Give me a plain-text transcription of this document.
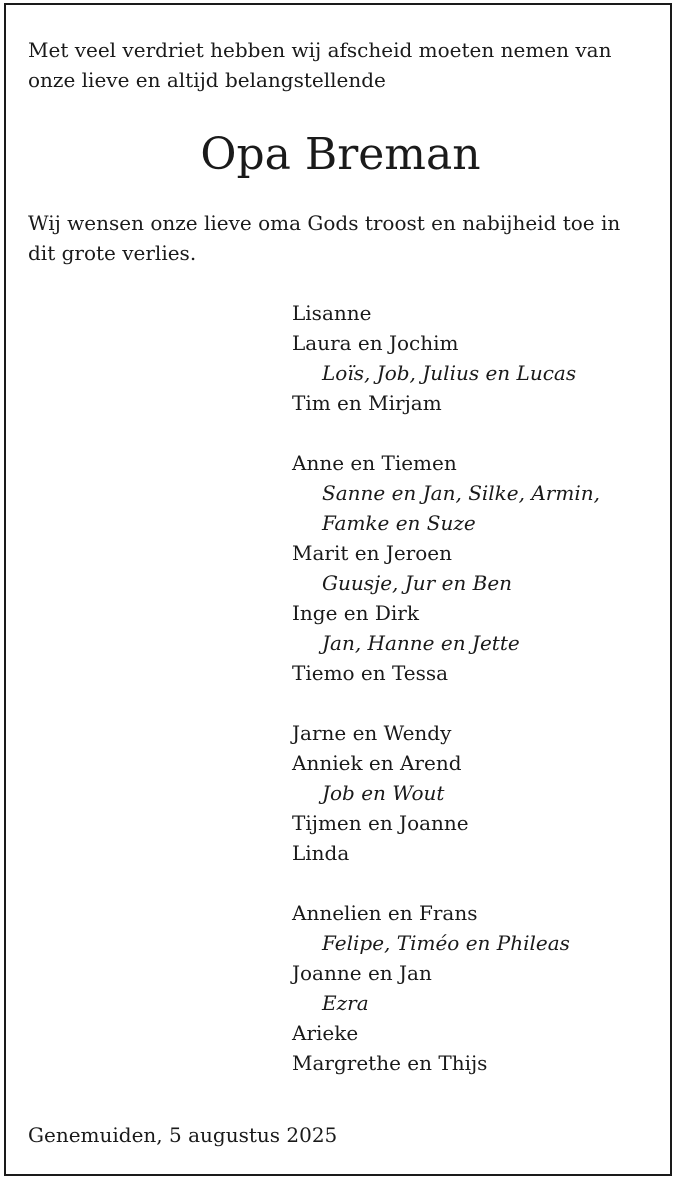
Met veel verdriet hebben wij afscheid moeten nemen van onze lieve en altijd belangstellende

Opa Breman

Wij wensen onze lieve oma Gods troost en nabijheid toe in dit grote verlies.

Lisanne
Laura en Jochim
Loïs, Job, Julius en Lucas
Tim en Mirjam
Anne en Tiemen
Sanne en Jan, Silke, Armin,
Famke en Suze
Marit en Jeroen
Guusje, Jur en Ben
Inge en Dirk
Jan, Hanne en Jette
Tiemo en Tessa
Jarne en Wendy
Anniek en Arend
Job en Wout
Tijmen en Joanne
Linda
Annelien en Frans
Felipe, Timéo en Phileas
Joanne en Jan
Ezra
Arieke
Margrethe en Thijs
Genemuiden, 5 augustus 2025
